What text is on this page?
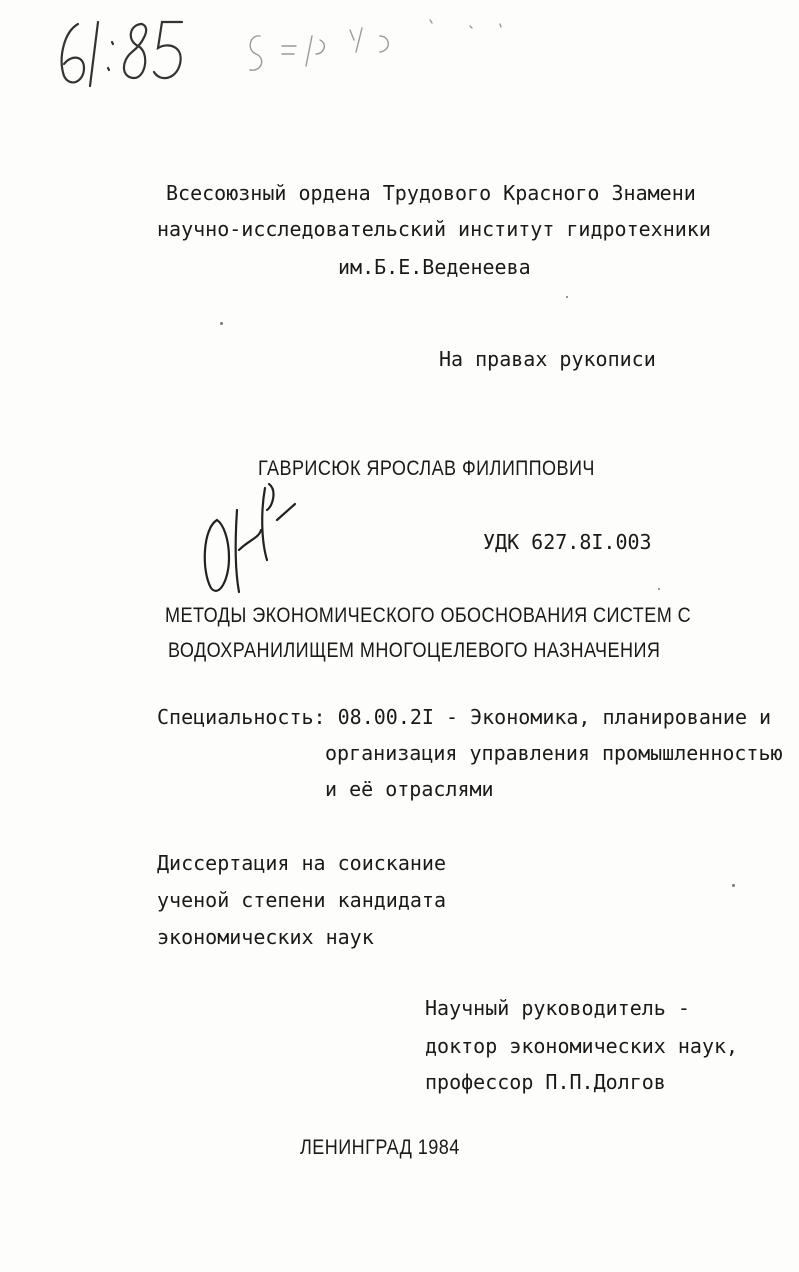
Всесоюзный ордена Трудового Красного Знамени
научно-исследовательский институт гидротехники
им.Б.Е.Веденеева
На правах рукописи
ГАВРИСЮК ЯРОСЛАВ ФИЛИППОВИЧ
УДК 627.8I.003
МЕТОДЫ ЭКОНОМИЧЕСКОГО ОБОСНОВАНИЯ СИСТЕМ С
ВОДОХРАНИЛИЩЕМ МНОГОЦЕЛЕВОГО НАЗНАЧЕНИЯ
Специальность: 08.00.2I - Экономика, планирование и
организация управления промышленностью
и её отраслями
Диссертация на соискание
ученой степени кандидата
экономических наук
Научный руководитель -
доктор экономических наук,
профессор П.П.Долгов
ЛЕНИНГРАД 1984
